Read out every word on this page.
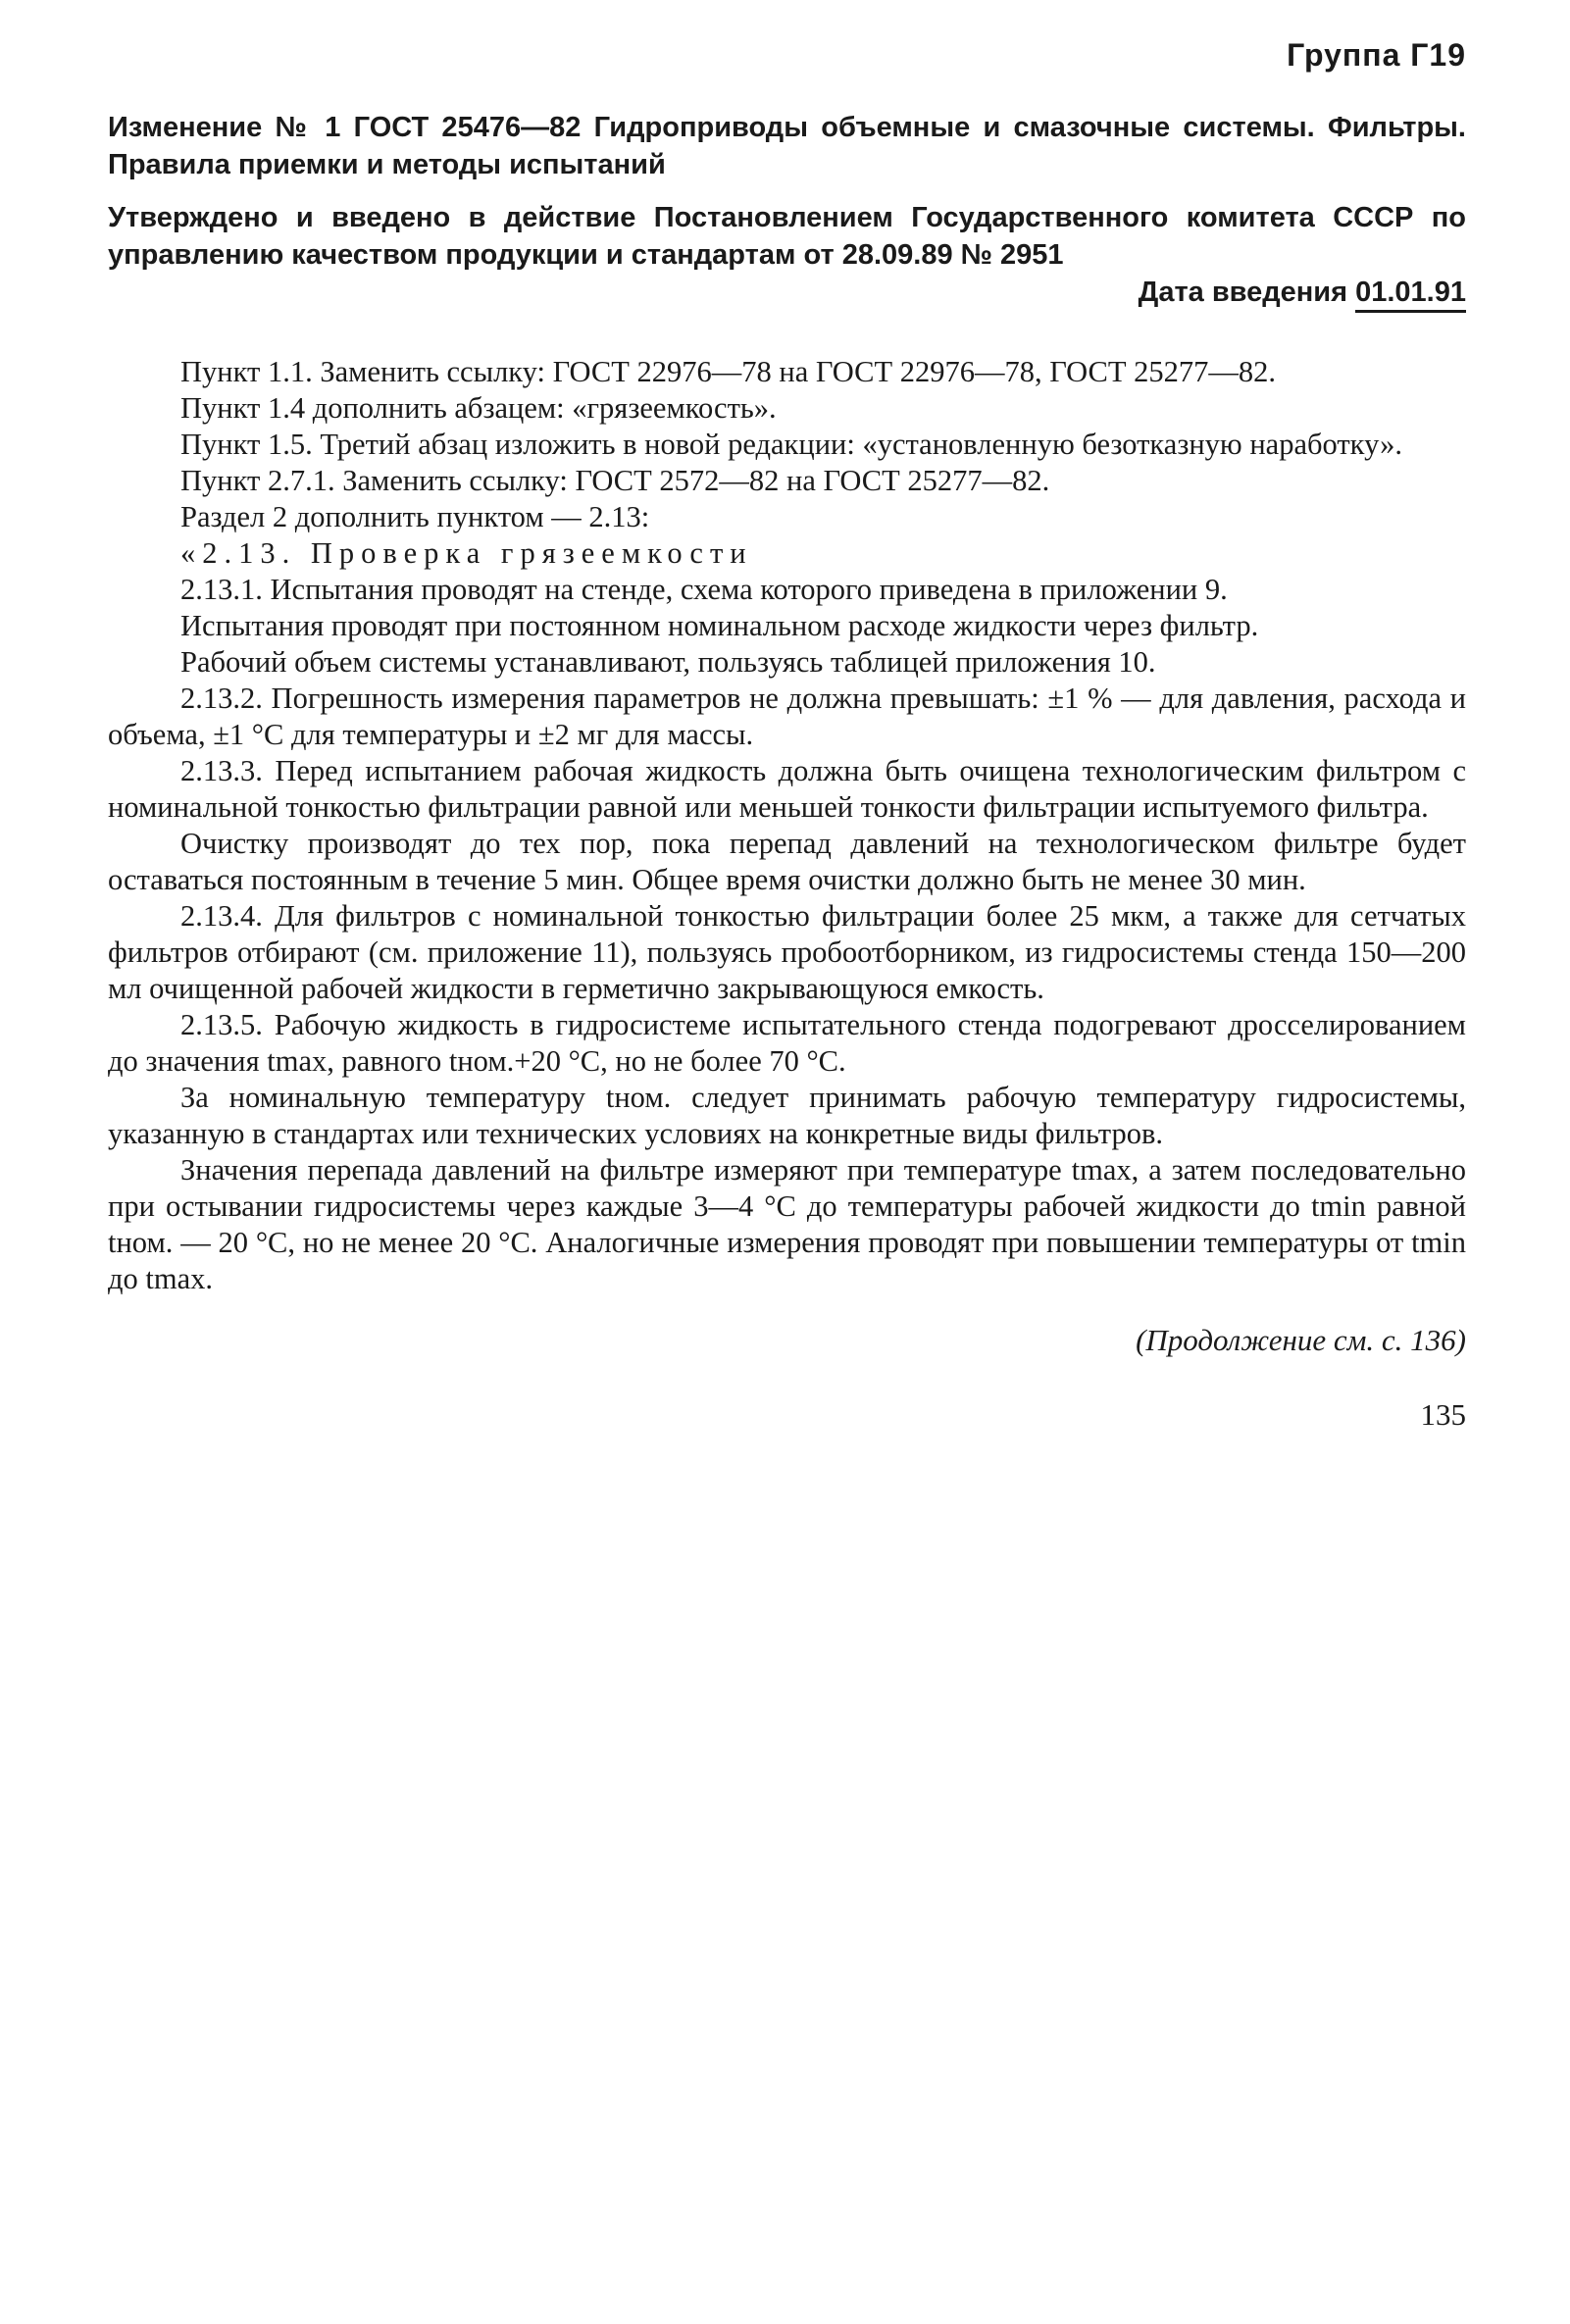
Группа Г19
Изменение № 1 ГОСТ 25476—82 Гидроприводы объемные и смазочные системы. Фильтры. Правила приемки и методы испытаний
Утверждено и введено в действие Постановлением Государственного комитета СССР по управлению качеством продукции и стандартам от 28.09.89 № 2951
Дата введения 01.01.91

Пункт 1.1. Заменить ссылку: ГОСТ 22976—78 на ГОСТ 22976—78, ГОСТ 25277—82.

Пункт 1.4 дополнить абзацем: «грязеемкость».

Пункт 1.5. Третий абзац изложить в новой редакции: «установленную безотказную наработку».

Пункт 2.7.1. Заменить ссылку: ГОСТ 2572—82 на ГОСТ 25277—82.

Раздел 2 дополнить пунктом — 2.13:

«2.13. Проверка грязеемкости

2.13.1. Испытания проводят на стенде, схема которого приведена в приложении 9.

Испытания проводят при постоянном номинальном расходе жидкости через фильтр.

Рабочий объем системы устанавливают, пользуясь таблицей приложения 10.

2.13.2. Погрешность измерения параметров не должна превышать: ±1 % — для давления, расхода и объема, ±1 °С для температуры и ±2 мг для массы.

2.13.3. Перед испытанием рабочая жидкость должна быть очищена технологическим фильтром с номинальной тонкостью фильтрации равной или меньшей тонкости фильтрации испытуемого фильтра.

Очистку производят до тех пор, пока перепад давлений на технологическом фильтре будет оставаться постоянным в течение 5 мин. Общее время очистки должно быть не менее 30 мин.

2.13.4. Для фильтров с номинальной тонкостью фильтрации более 25 мкм, а также для сетчатых фильтров отбирают (см. приложение 11), пользуясь пробоотборником, из гидросистемы стенда 150—200 мл очищенной рабочей жидкости в герметично закрывающуюся емкость.

2.13.5. Рабочую жидкость в гидросистеме испытательного стенда подогревают дросселированием до значения tmax, равного tном.+20 °С, но не более 70 °С.

За номинальную температуру tном. следует принимать рабочую температуру гидросистемы, указанную в стандартах или технических условиях на конкретные виды фильтров.

Значения перепада давлений на фильтре измеряют при температуре tmax, а затем последовательно при остывании гидросистемы через каждые 3—4 °С до температуры рабочей жидкости до tmin равной tном. — 20 °С, но не менее 20 °С. Аналогичные измерения проводят при повышении температуры от tmin до tmax.

(Продолжение см. с. 136)
135
